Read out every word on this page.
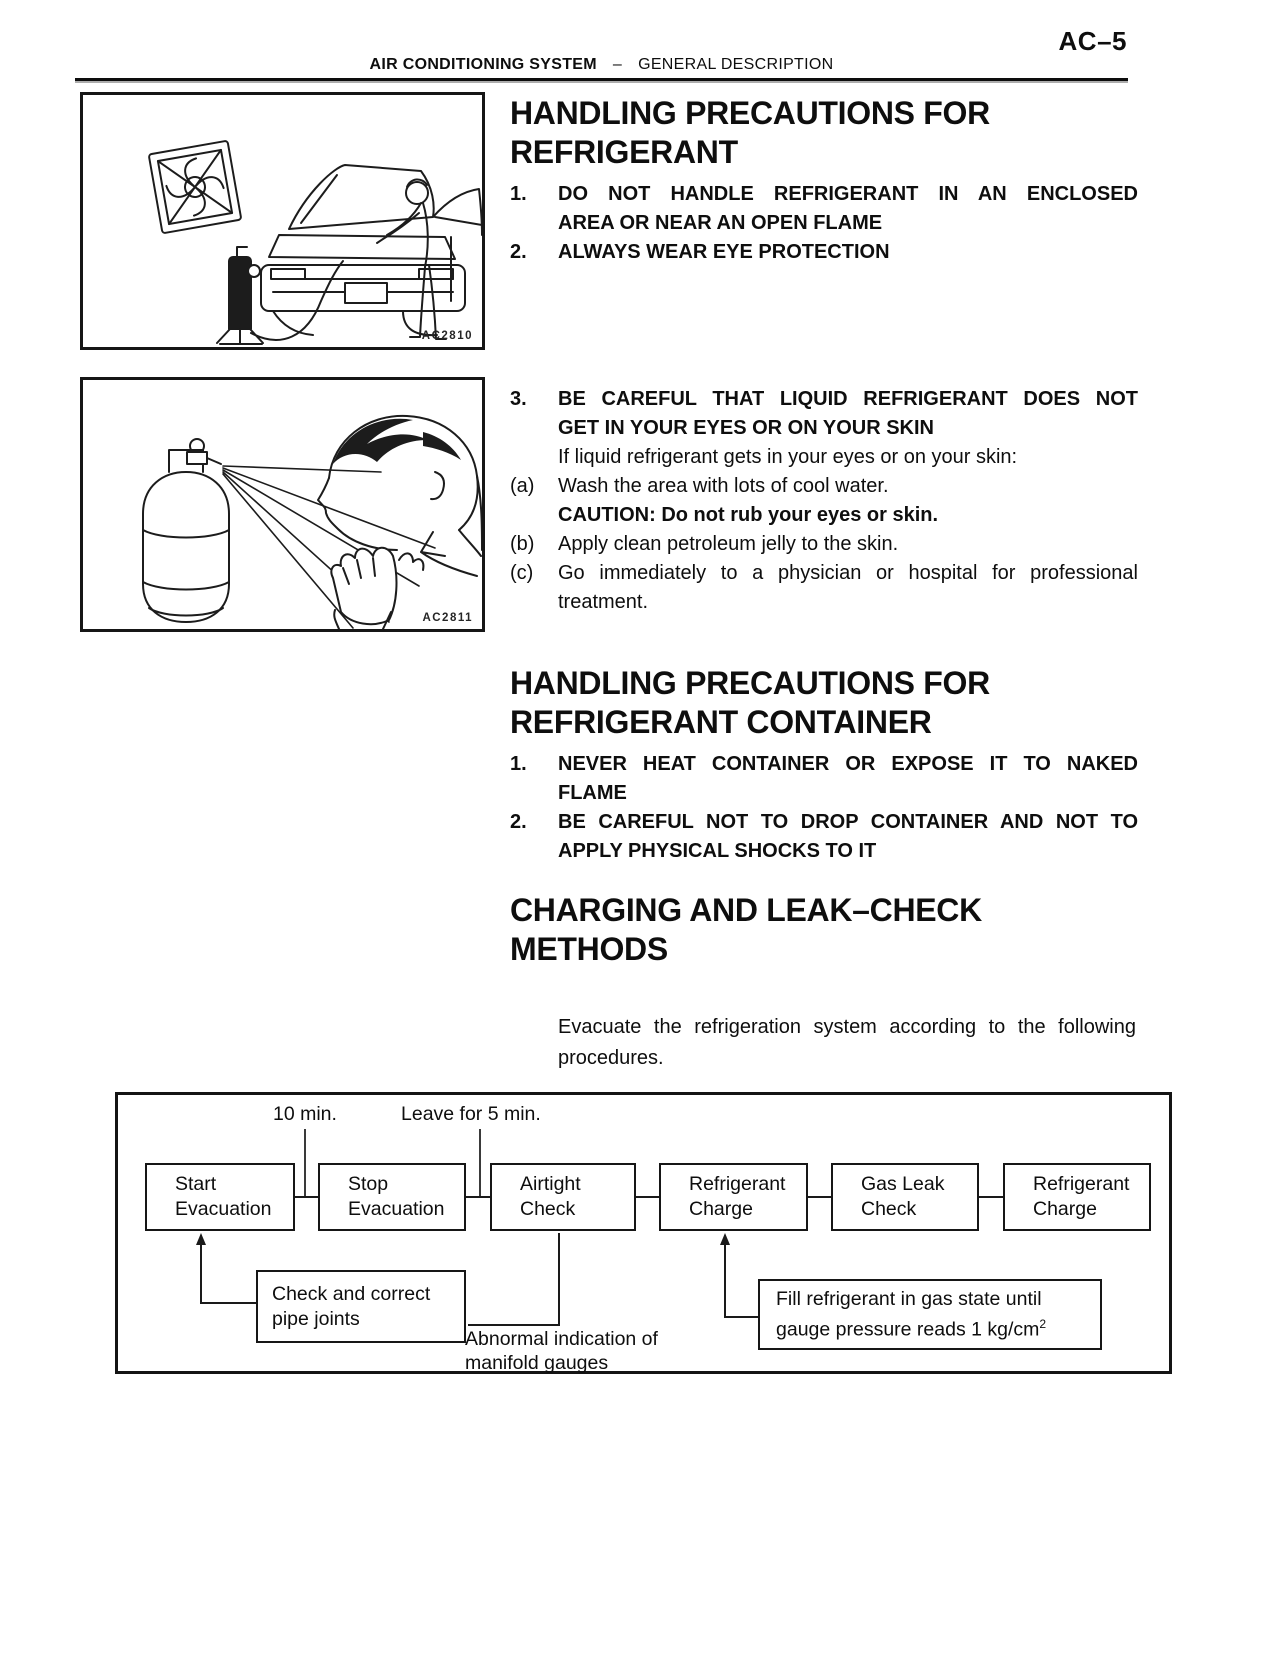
AC–5
AIR CONDITIONING SYSTEM – GENERAL DESCRIPTION
AC2810
AC2811
HANDLING PRECAUTIONS FOR
REFRIGERANT
1.	DO NOT HANDLE REFRIGERANT IN AN ENCLOSED
AREA OR NEAR AN OPEN FLAME
2.	ALWAYS WEAR EYE PROTECTION
3.	BE CAREFUL THAT LIQUID REFRIGERANT DOES NOT
GET IN YOUR EYES OR ON YOUR SKIN
If liquid refrigerant gets in your eyes or on your skin:
(a)	Wash the area with lots of cool water.
CAUTION: Do not rub your eyes or skin.
(b)	Apply clean petroleum jelly to the skin.
(c)	Go immediately to a physician or hospital for professional
treatment.
HANDLING PRECAUTIONS FOR
REFRIGERANT CONTAINER
1.	NEVER HEAT CONTAINER OR EXPOSE IT TO NAKED
FLAME
2.	BE CAREFUL NOT TO DROP CONTAINER AND NOT TO
APPLY PHYSICAL SHOCKS TO IT
CHARGING AND LEAK–CHECK
METHODS
Evacuate the refrigeration system according to the following
procedures.
10 min.	Leave for 5 min.
Start Evacuation
Stop Evacuation
Airtight Check
Refrigerant Charge
Gas Leak Check
Refrigerant Charge
Check and correct
pipe joints
Fill refrigerant in gas state until
gauge pressure reads 1 $kg/cm^2$
Abnormal indication of
manifold gauges
